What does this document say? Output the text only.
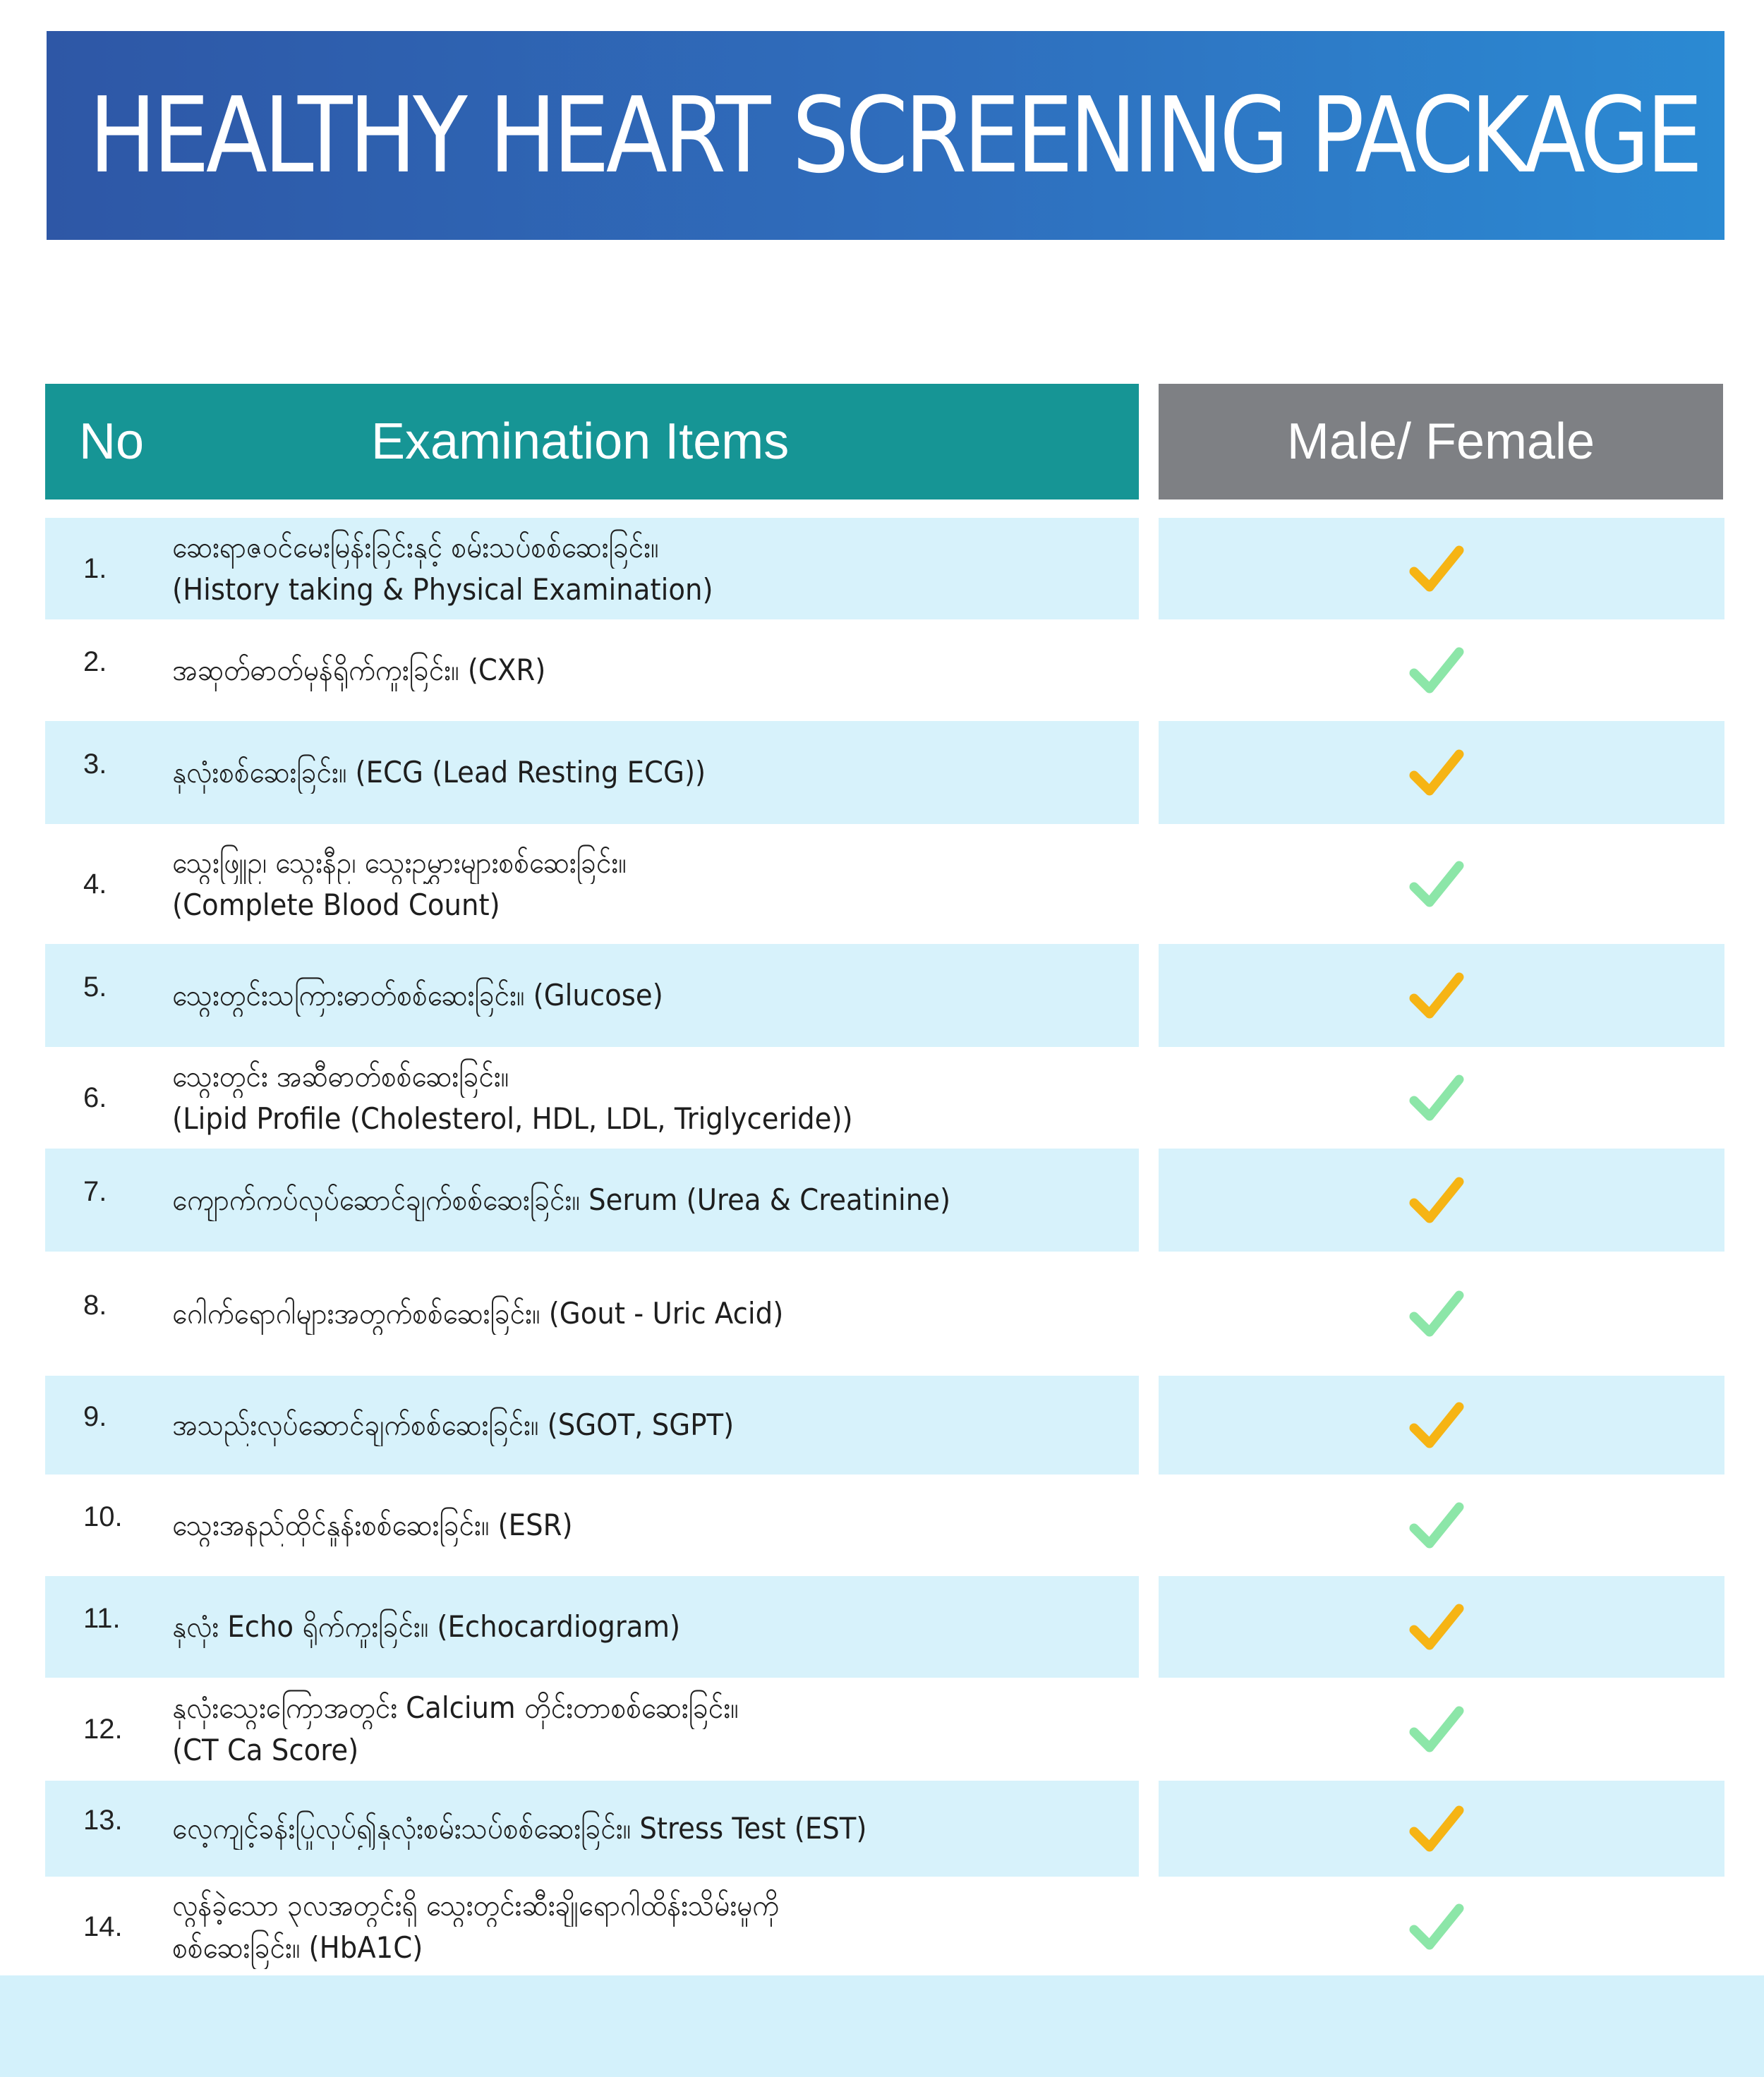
HEALTHY HEART SCREENING PACKAGE
No	Examination Items	Male/ Female
1.
ဆေးရာဇဝင်မေးမြန်းခြင်းနှင့် စမ်းသပ်စစ်ဆေးခြင်း။
(History taking & Physical Examination)
2. အဆုတ်ဓာတ်မှန်ရိုက်ကူးခြင်း။ (CXR)
3. နှလုံးစစ်ဆေးခြင်း။ (ECG (Lead Resting ECG))
4.
သွေးဖြူဥ၊ သွေးနီဥ၊ သွေးဥမွှားများစစ်ဆေးခြင်း။
(Complete Blood Count)
5. သွေးတွင်းသကြားဓာတ်စစ်ဆေးခြင်း။ (Glucose)
6.
သွေးတွင်း အဆီဓာတ်စစ်ဆေးခြင်း။
(Lipid Profile (Cholesterol, HDL, LDL, Triglyceride))
7. ကျောက်ကပ်လုပ်ဆောင်ချက်စစ်ဆေးခြင်း။ Serum (Urea & Creatinine)
8. ဂေါက်ရောဂါများအတွက်စစ်ဆေးခြင်း။ (Gout - Uric Acid)
9. အသည်းလုပ်ဆောင်ချက်စစ်ဆေးခြင်း။ (SGOT, SGPT)
10. သွေးအနည်ထိုင်နှုန်းစစ်ဆေးခြင်း။ (ESR)
11. နှလုံး Echo ရိုက်ကူးခြင်း။ (Echocardiogram)
12.
နှလုံးသွေးကြောအတွင်း Calcium တိုင်းတာစစ်ဆေးခြင်း။
(CT Ca Score)
13. လေ့ကျင့်ခန်းပြုလုပ်၍နှလုံးစမ်းသပ်စစ်ဆေးခြင်း။ Stress Test (EST)
14.
လွန်ခဲ့သော ၃လအတွင်းရှိ သွေးတွင်းဆီးချိုရောဂါထိန်းသိမ်းမှုကို
စစ်ဆေးခြင်း။ (HbA1C)
